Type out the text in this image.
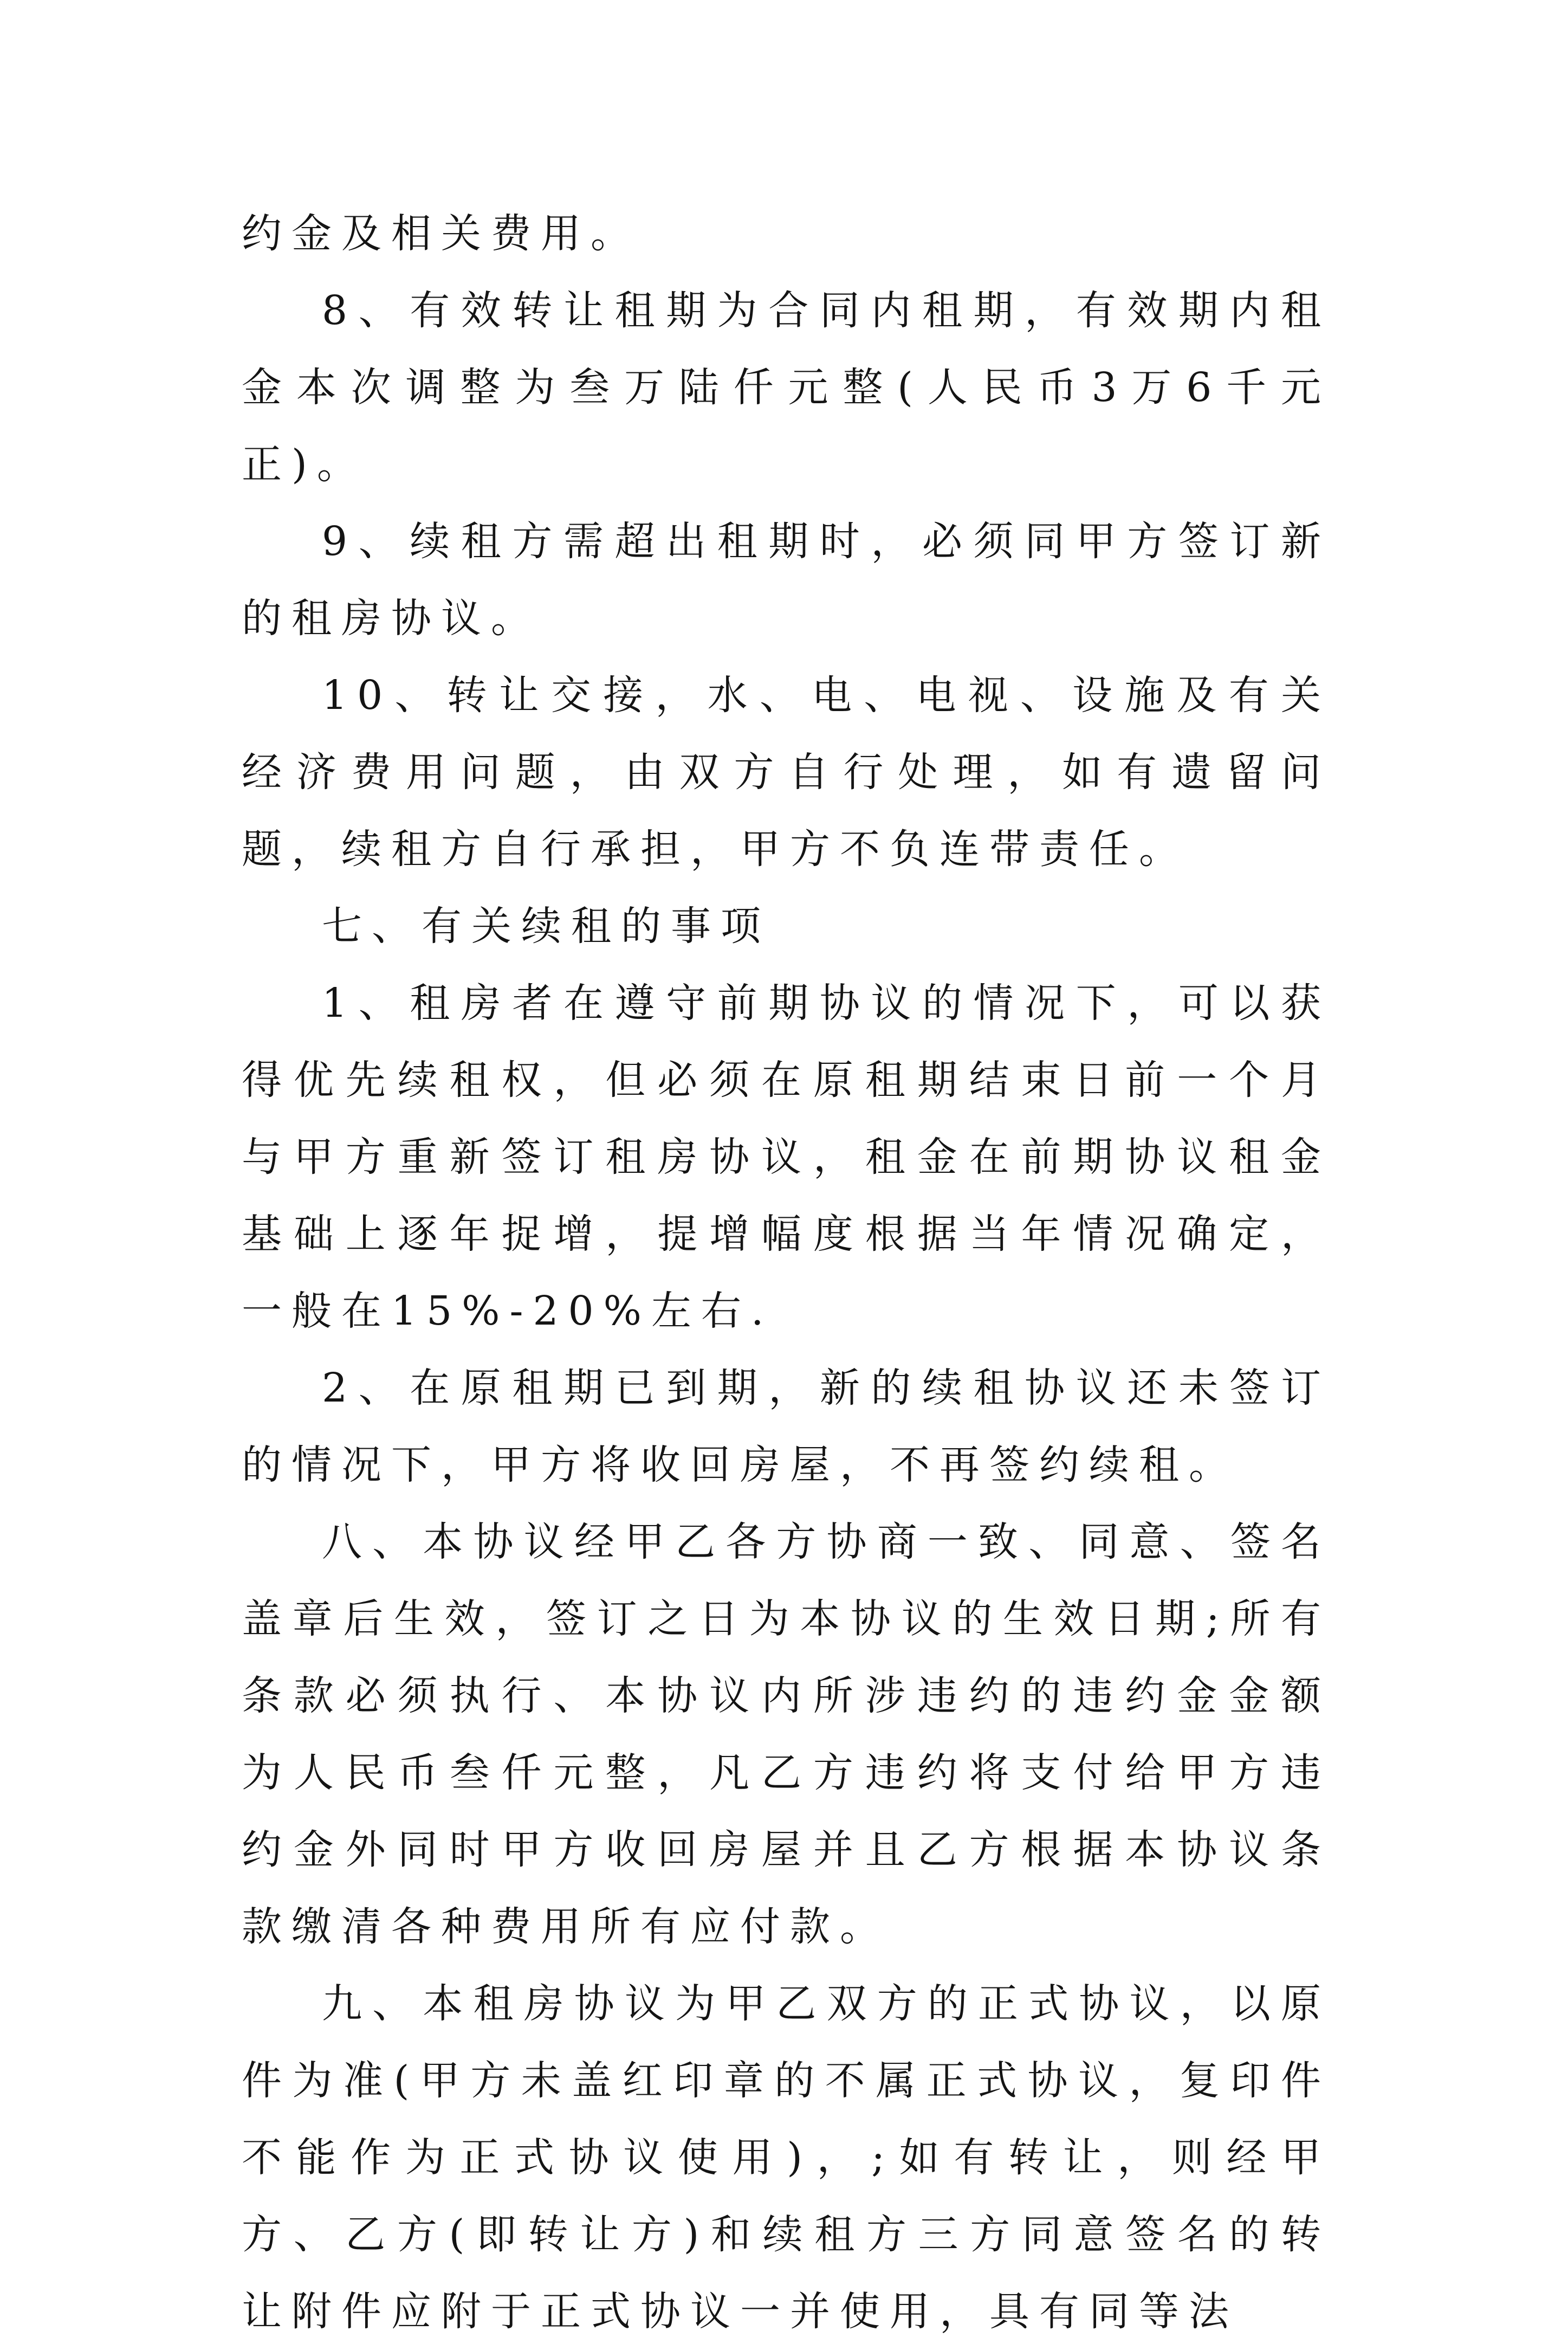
约金及相关费用。

8、有效转让租期为合同内租期，有效期内租金本次调整为叁万陆仟元整(人民币3万6千元正)。

9、续租方需超出租期时，必须同甲方签订新的租房协议。

10、转让交接，水、电、电视、设施及有关经济费用问题，由双方自行处理，如有遗留问题，续租方自行承担，甲方不负连带责任。

七、有关续租的事项

1、租房者在遵守前期协议的情况下，可以获得优先续租权，但必须在原租期结束日前一个月与甲方重新签订租房协议，租金在前期协议租金基础上逐年捉增，提增幅度根据当年情况确定，一般在15%-20%左右.

2、在原租期已到期，新的续租协议还未签订的情况下，甲方将收回房屋，不再签约续租。

八、本协议经甲乙各方协商一致、同意、签名盖章后生效，签订之日为本协议的生效日期;所有条款必须执行、本协议内所涉违约的违约金金额为人民币叁仟元整，凡乙方违约将支付给甲方违约金外同时甲方收回房屋并且乙方根据本协议条款缴清各种费用所有应付款。

九、本租房协议为甲乙双方的正式协议，以原件为准(甲方未盖红印章的不属正式协议，复印件不能作为正式协议使用)，;如有转让，则经甲方、乙方(即转让方)和续租方三方同意签名的转让附件应附于正式协议一并使用，具有同等法
